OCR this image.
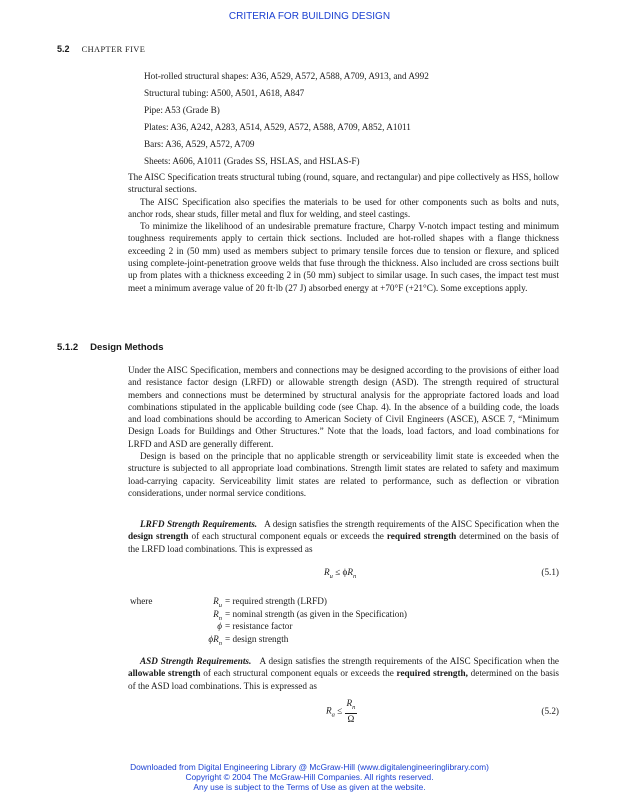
CRITERIA FOR BUILDING DESIGN
5.2 CHAPTER FIVE
Hot-rolled structural shapes: A36, A529, A572, A588, A709, A913, and A992
Structural tubing: A500, A501, A618, A847
Pipe: A53 (Grade B)
Plates: A36, A242, A283, A514, A529, A572, A588, A709, A852, A1011
Bars: A36, A529, A572, A709
Sheets: A606, A1011 (Grades SS, HSLAS, and HSLAS-F)

The AISC Specification treats structural tubing (round, square, and rectangular) and pipe collectively as HSS, hollow structural sections.

The AISC Specification also specifies the materials to be used for other components such as bolts and nuts, anchor rods, shear studs, filler metal and flux for welding, and steel castings.

To minimize the likelihood of an undesirable premature fracture, Charpy V-notch impact testing and minimum toughness requirements apply to certain thick sections. Included are hot-rolled shapes with a flange thickness exceeding 2 in (50 mm) used as members subject to primary tensile forces due to tension or flexure, and spliced using complete-joint-penetration groove welds that fuse through the thickness. Also included are cross sections built up from plates with a thickness exceeding 2 in (50 mm) subject to similar usage. In such cases, the impact test must meet a minimum average value of 20 ft·lb (27 J) absorbed energy at +70°F (+21°C). Some exceptions apply.

5.1.2 Design Methods

Under the AISC Specification, members and connections may be designed according to the provisions of either load and resistance factor design (LRFD) or allowable strength design (ASD). The strength required of structural members and connections must be determined by structural analysis for the appropriate factored loads and load combinations stipulated in the applicable building code (see Chap. 4). In the absence of a building code, the loads and load combinations should be according to American Society of Civil Engineers (ASCE), ASCE 7, “Minimum Design Loads for Buildings and Other Structures.” Note that the loads, load factors, and load combinations for LRFD and ASD are generally different.

Design is based on the principle that no applicable strength or serviceability limit state is exceeded when the structure is subjected to all appropriate load combinations. Strength limit states are related to safety and maximum load-carrying capacity. Serviceability limit states are related to performance, such as deflection or vibration considerations, under normal service conditions.

LRFD Strength Requirements. A design satisfies the strength requirements of the AISC Specification when the design strength of each structural component equals or exceeds the required strength determined on the basis of the LRFD load combinations. This is expressed as

$R_u \le \phi R_n$	(5.1)
where	$R_u$ = required strength (LRFD)
$R_n$ = nominal strength (as given in the Specification)
ϕ = resistance factor
$\phi R_n$ = design strength

ASD Strength Requirements. A design satisfies the strength requirements of the AISC Specification when the allowable strength of each structural component equals or exceeds the required strength, determined on the basis of the ASD load combinations. This is expressed as

$R_a \le \frac{R_n}{\Omega}$	(5.2)
Downloaded from Digital Engineering Library @ McGraw-Hill (www.digitalengineeringlibrary.com)
Copyright © 2004 The McGraw-Hill Companies. All rights reserved.
Any use is subject to the Terms of Use as given at the website.
